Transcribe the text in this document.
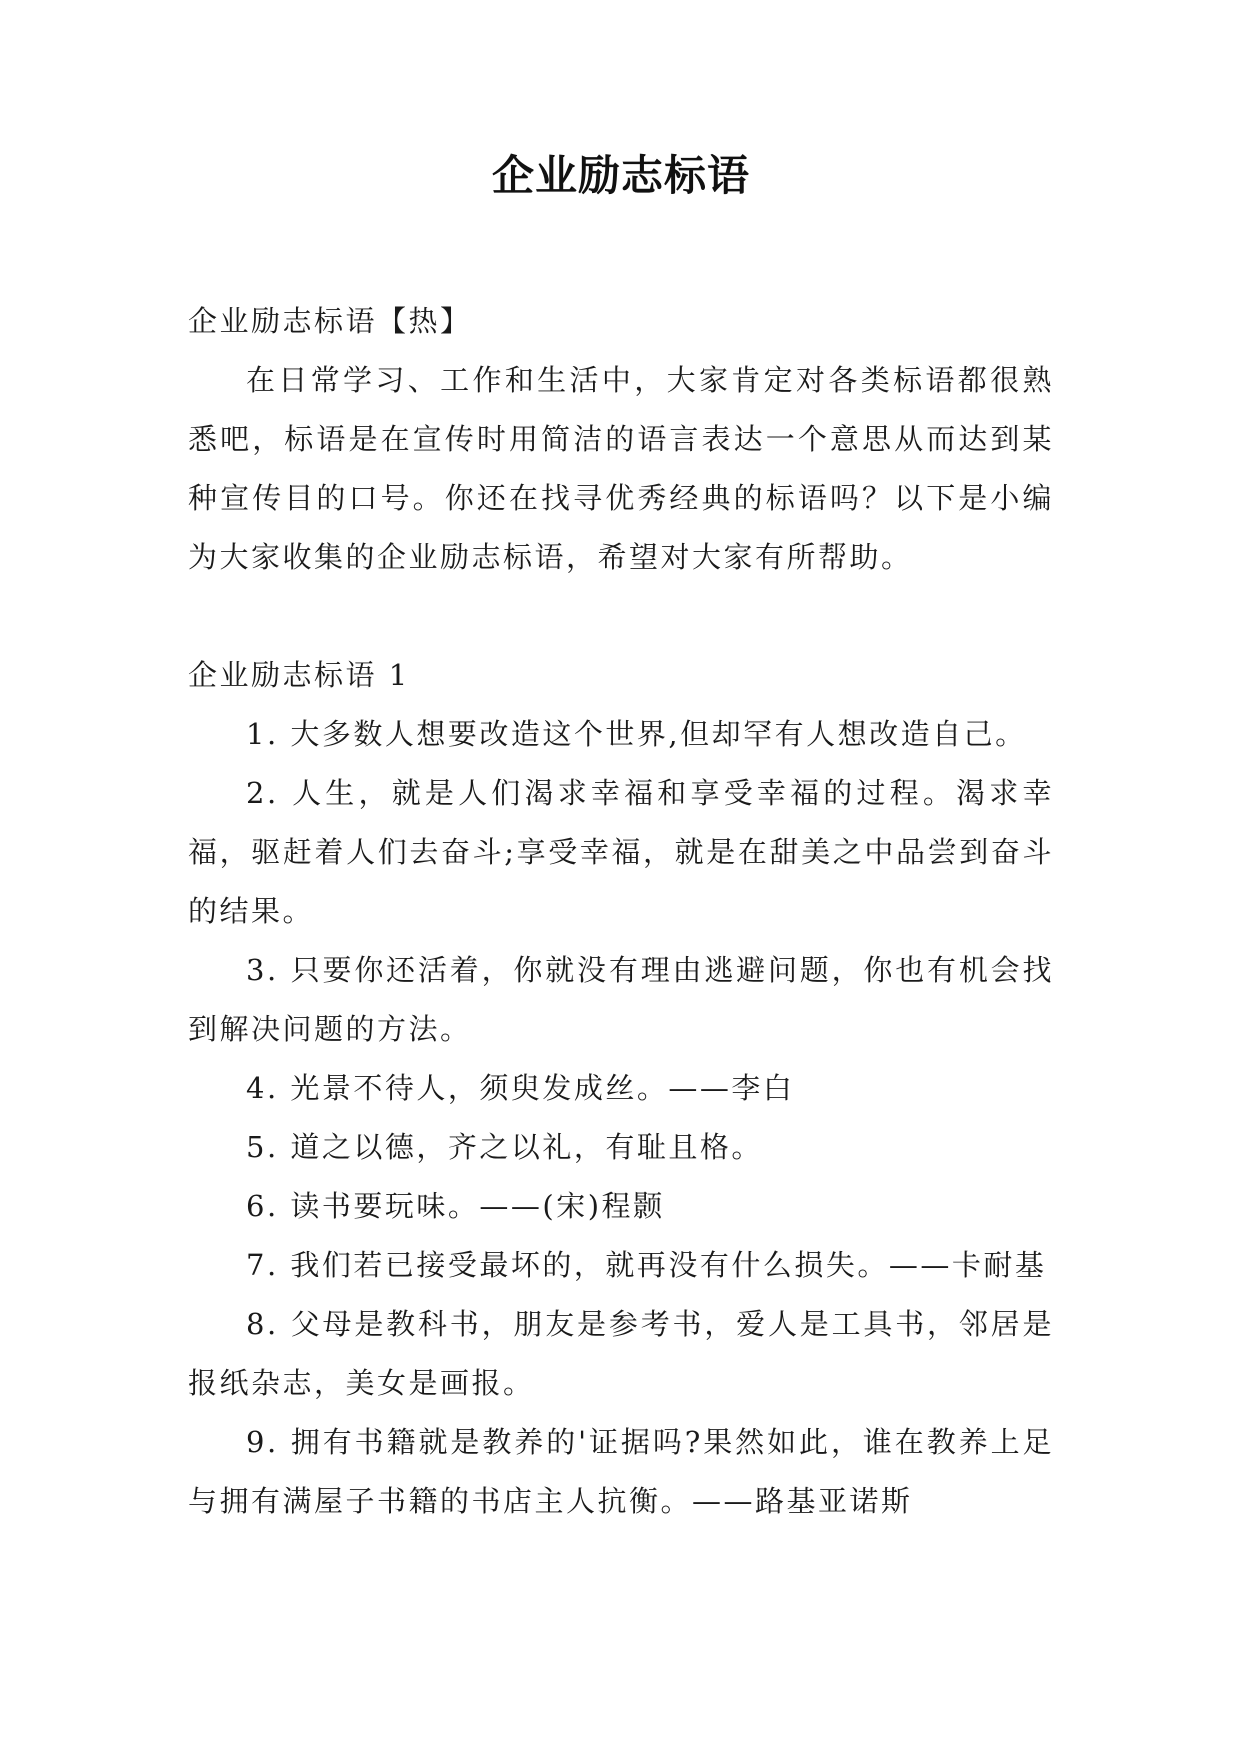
企业励志标语

企业励志标语【热】

在日常学习、工作和生活中，大家肯定对各类标语都很熟悉吧，标语是在宣传时用简洁的语言表达一个意思从而达到某种宣传目的口号。你还在找寻优秀经典的标语吗？以下是小编为大家收集的企业励志标语，希望对大家有所帮助。

企业励志标语 1

1. 大多数人想要改造这个世界,但却罕有人想改造自己。

2. 人生，就是人们渴求幸福和享受幸福的过程。渴求幸福，驱赶着人们去奋斗;享受幸福，就是在甜美之中品尝到奋斗的结果。

3. 只要你还活着，你就没有理由逃避问题，你也有机会找到解决问题的方法。

4. 光景不待人，须臾发成丝。——李白

5. 道之以德，齐之以礼，有耻且格。

6. 读书要玩味。——(宋)程颢

7. 我们若已接受最坏的，就再没有什么损失。——卡耐基

8. 父母是教科书，朋友是参考书，爱人是工具书，邻居是报纸杂志，美女是画报。

9. 拥有书籍就是教养的'证据吗?果然如此，谁在教养上足与拥有满屋子书籍的书店主人抗衡。——路基亚诺斯
